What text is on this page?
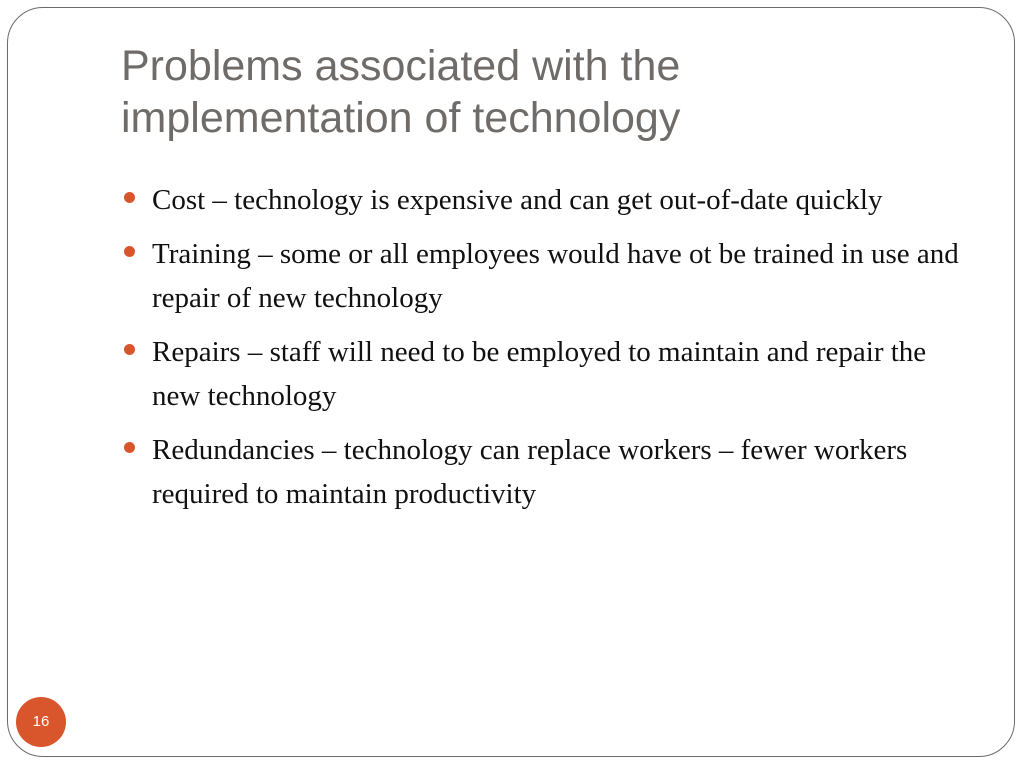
Problems associated with the implementation of technology
Cost – technology is expensive and can get out-of-date quickly
Training – some or all employees would have ot be trained in use and repair of new technology
Repairs – staff will need to be employed to maintain and repair the new technology
Redundancies – technology can replace workers – fewer workers required to maintain productivity
16
